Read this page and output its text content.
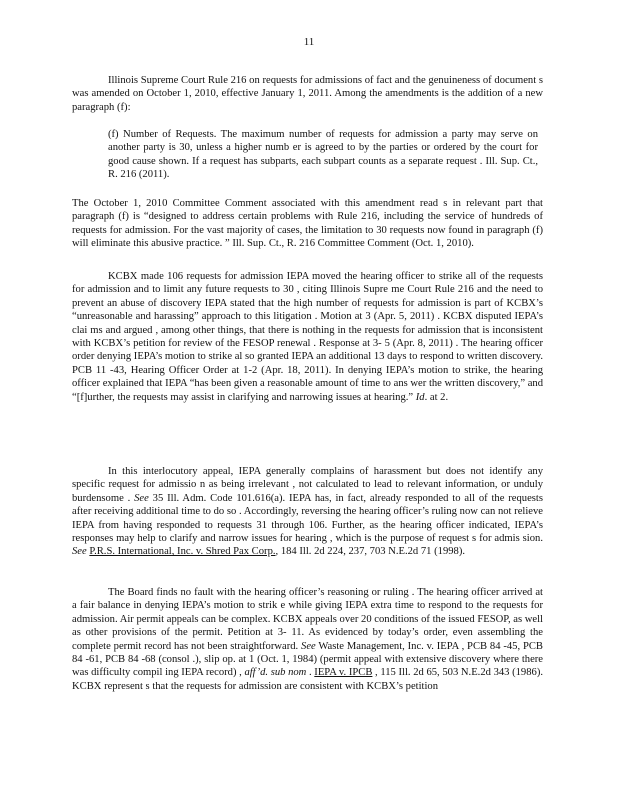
11
Illinois Supreme Court Rule 216 on requests for admissions of fact and the genuineness of document s was amended on October 1, 2010, effective January 1, 2011. Among the amendments is the addition of a new paragraph (f):
(f) Number of Requests. The maximum number of requests for admission a party may serve on another party is 30, unless a higher numb er is agreed to by the parties or ordered by the court for good cause shown. If a request has subparts, each subpart counts as a separate request . Ill. Sup. Ct., R. 216 (2011).
The October 1, 2010 Committee Comment associated with this amendment read s in relevant part that paragraph (f) is “designed to address certain problems with Rule 216, including the service of hundreds of requests for admission. For the vast majority of cases, the limitation to 30 requests now found in paragraph (f) will eliminate this abusive practice. ” Ill. Sup. Ct., R. 216 Committee Comment (Oct. 1, 2010).
KCBX made 106 requests for admission IEPA moved the hearing officer to strike all of the requests for admission and to limit any future requests to 30 , citing Illinois Supre me Court Rule 216 and the need to prevent an abuse of discovery IEPA stated that the high number of requests for admission is part of KCBX’s “unreasonable and harassing” approach to this litigation . Motion at 3 (Apr. 5, 2011) . KCBX disputed IEPA’s clai ms and argued , among other things, that there is nothing in the requests for admission that is inconsistent with KCBX’s petition for review of the FESOP renewal . Response at 3- 5 (Apr. 8, 2011) . The hearing officer order denying IEPA’s motion to strike al so granted IEPA an additional 13 days to respond to written discovery. PCB 11 -43, Hearing Officer Order at 1-2 (Apr. 18, 2011). In denying IEPA’s motion to strike, the hearing officer explained that IEPA “has been given a reasonable amount of time to ans wer the written discovery,” and “[f]urther, the requests may assist in clarifying and narrowing issues at hearing.” Id. at 2.
In this interlocutory appeal, IEPA generally complains of harassment but does not identify any specific request for admissio n as being irrelevant , not calculated to lead to relevant information, or unduly burdensome . See 35 Ill. Adm. Code 101.616(a). IEPA has, in fact, already responded to all of the requests after receiving additional time to do so . Accordingly, reversing the hearing officer’s ruling now can not relieve IEPA from having responded to requests 31 through 106. Further, as the hearing officer indicated, IEPA’s responses may help to clarify and narrow issues for hearing , which is the purpose of request s for admis sion. See P.R.S. International, Inc. v. Shred Pax Corp., 184 Ill. 2d 224, 237, 703 N.E.2d 71 (1998).
The Board finds no fault with the hearing officer’s reasoning or ruling . The hearing officer arrived at a fair balance in denying IEPA’s motion to strik e while giving IEPA extra time to respond to the requests for admission. Air permit appeals can be complex. KCBX appeals over 20 conditions of the issued FESOP, as well as other provisions of the permit. Petition at 3- 11. As evidenced by today’s order, even assembling the complete permit record has not been straightforward. See Waste Management, Inc. v. IEPA , PCB 84 -45, PCB 84 -61, PCB 84 -68 (consol .), slip op. at 1 (Oct. 1, 1984) (permit appeal with extensive discovery where there was difficulty compil ing IEPA record) , aff’d. sub nom . IEPA v. IPCB , 115 Ill. 2d 65, 503 N.E.2d 343 (1986). KCBX represent s that the requests for admission are consistent with KCBX’s petition
